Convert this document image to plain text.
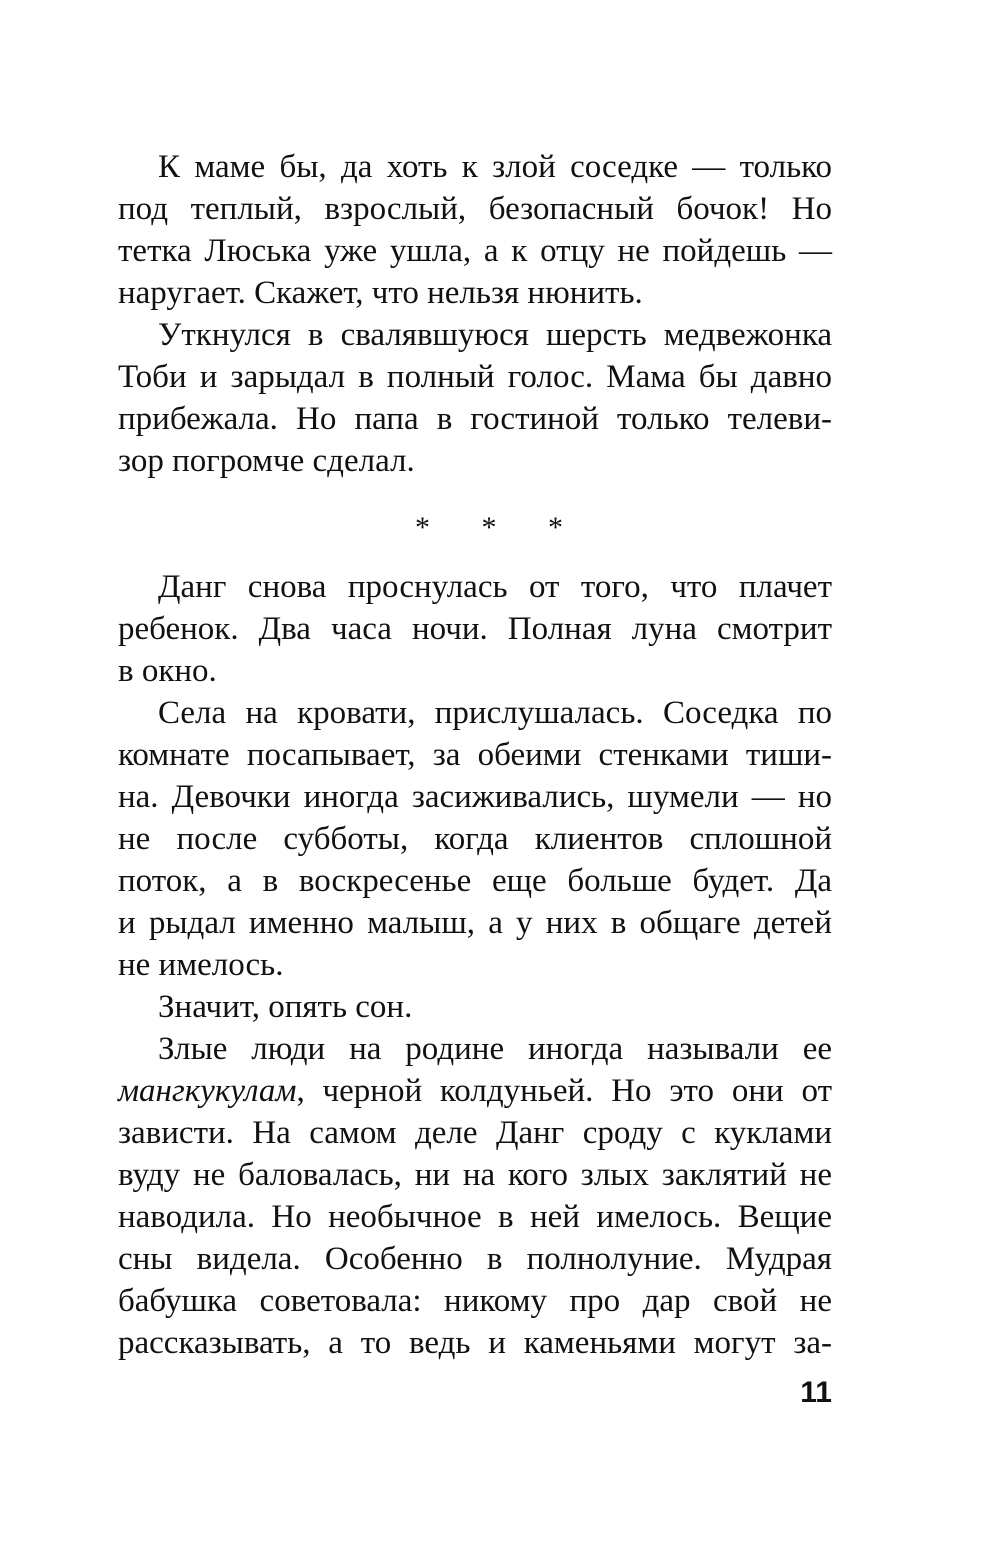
К маме бы, да хоть к злой соседке — только
под теплый, взрослый, безопасный бочок! Но
тетка Люська уже ушла, а к отцу не пойдешь —
наругает. Скажет, что нельзя нюнить.
Уткнулся в свалявшуюся шерсть медвежонка
Тоби и зарыдал в полный голос. Мама бы давно
прибежала. Но папа в гостиной только телеви-
зор погромче сделал.
* * *
Данг снова проснулась от того, что плачет
ребенок. Два часа ночи. Полная луна смотрит
в окно.
Села на кровати, прислушалась. Соседка по
комнате посапывает, за обеими стенками тиши-
на. Девочки иногда засиживались, шумели — но
не после субботы, когда клиентов сплошной
поток, а в воскресенье еще больше будет. Да
и рыдал именно малыш, а у них в общаге детей
не имелось.
Значит, опять сон.
Злые люди на родине иногда называли ее
мангкукулам, черной колдуньей. Но это они от
зависти. На самом деле Данг сроду с куклами
вуду не баловалась, ни на кого злых заклятий не
наводила. Но необычное в ней имелось. Вещие
сны видела. Особенно в полнолуние. Мудрая
бабушка советовала: никому про дар свой не
рассказывать, а то ведь и каменьями могут за-
11
